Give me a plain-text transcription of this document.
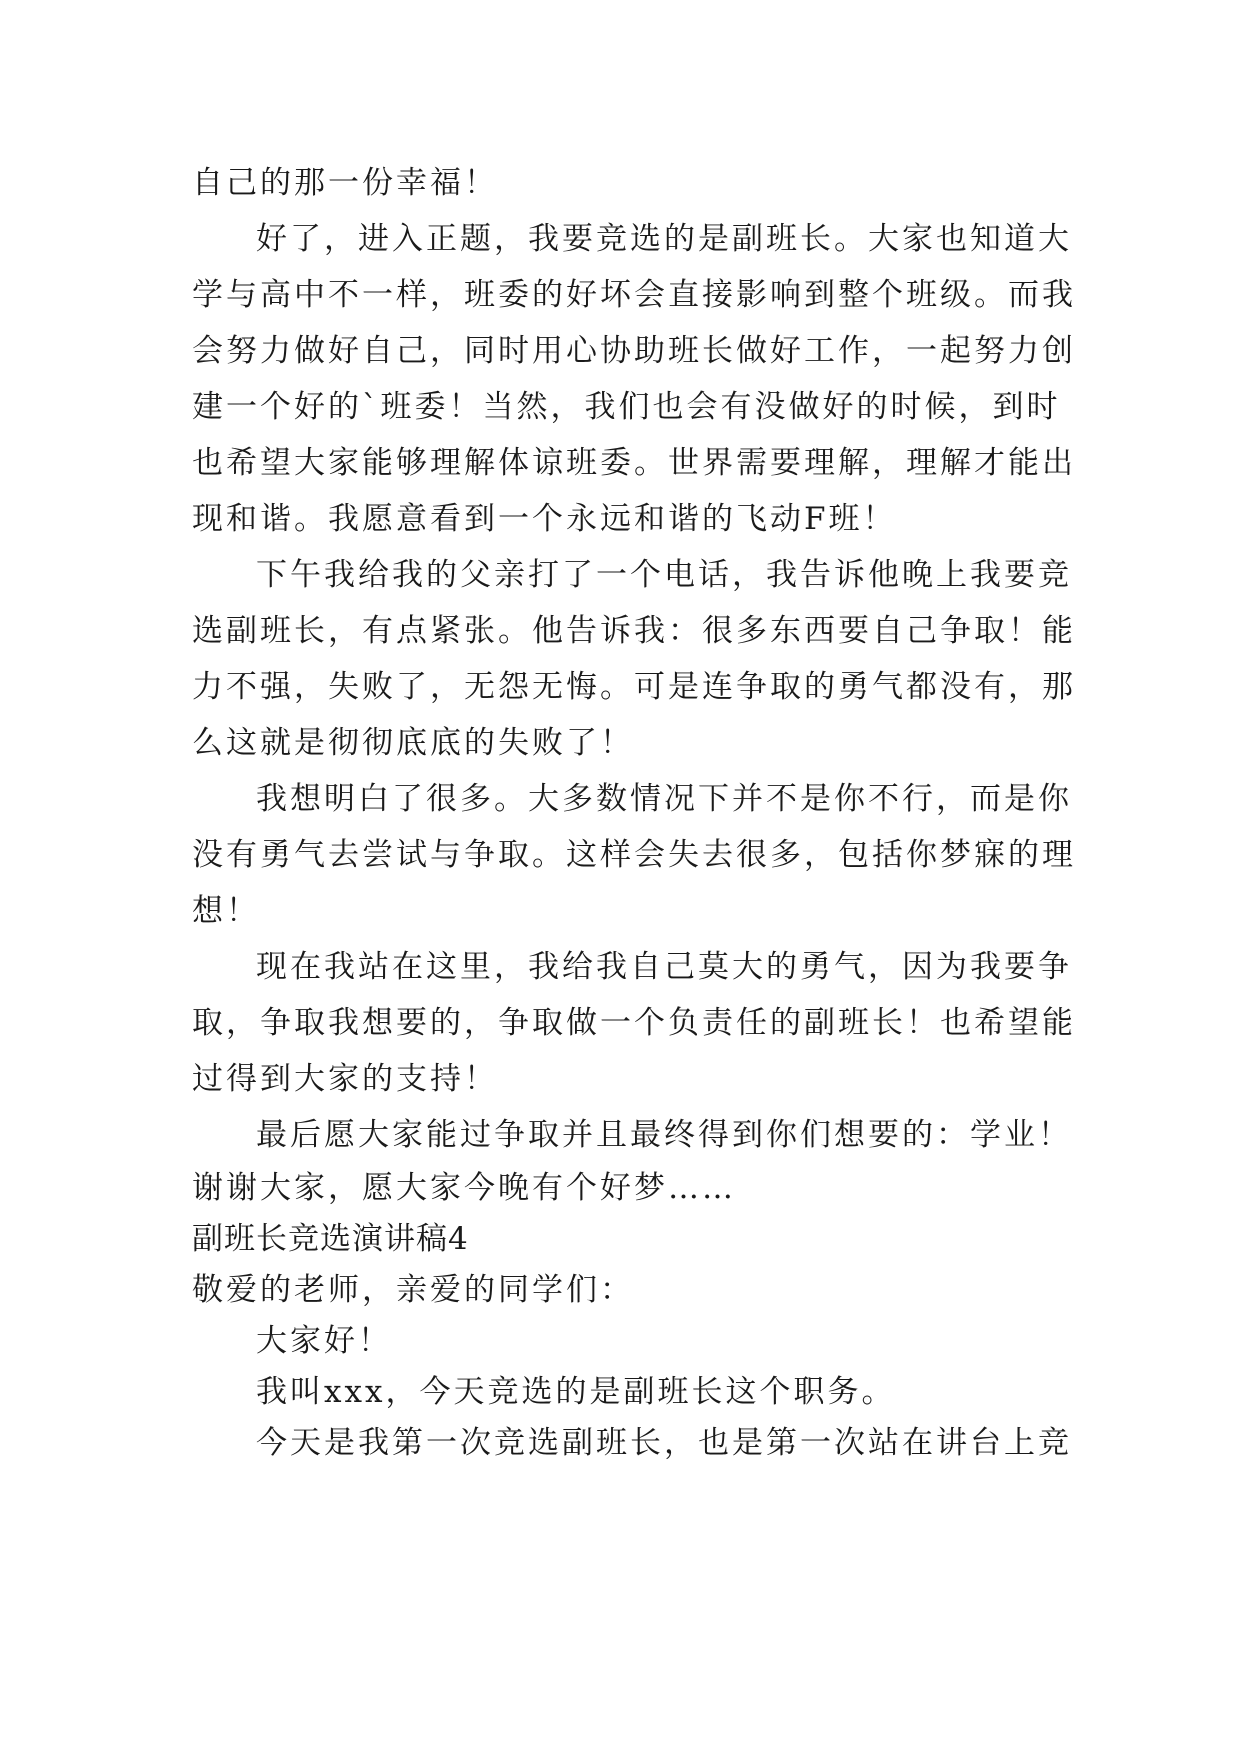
自己的那一份幸福！
好了，进入正题，我要竞选的是副班长。大家也知道大
学与高中不一样，班委的好坏会直接影响到整个班级。而我
会努力做好自己，同时用心协助班长做好工作，一起努力创
建一个好的`班委！当然，我们也会有没做好的时候，到时
也希望大家能够理解体谅班委。世界需要理解，理解才能出
现和谐。我愿意看到一个永远和谐的飞动F班！
下午我给我的父亲打了一个电话，我告诉他晚上我要竞
选副班长，有点紧张。他告诉我：很多东西要自己争取！能
力不强，失败了，无怨无悔。可是连争取的勇气都没有，那
么这就是彻彻底底的失败了！
我想明白了很多。大多数情况下并不是你不行，而是你
没有勇气去尝试与争取。这样会失去很多，包括你梦寐的理
想！
现在我站在这里，我给我自己莫大的勇气，因为我要争
取，争取我想要的，争取做一个负责任的副班长！也希望能
过得到大家的支持！
最后愿大家能过争取并且最终得到你们想要的：学业！
谢谢大家，愿大家今晚有个好梦……
副班长竞选演讲稿4
敬爱的老师，亲爱的同学们：
大家好！
我叫xxx，今天竞选的是副班长这个职务。
今天是我第一次竞选副班长，也是第一次站在讲台上竞
